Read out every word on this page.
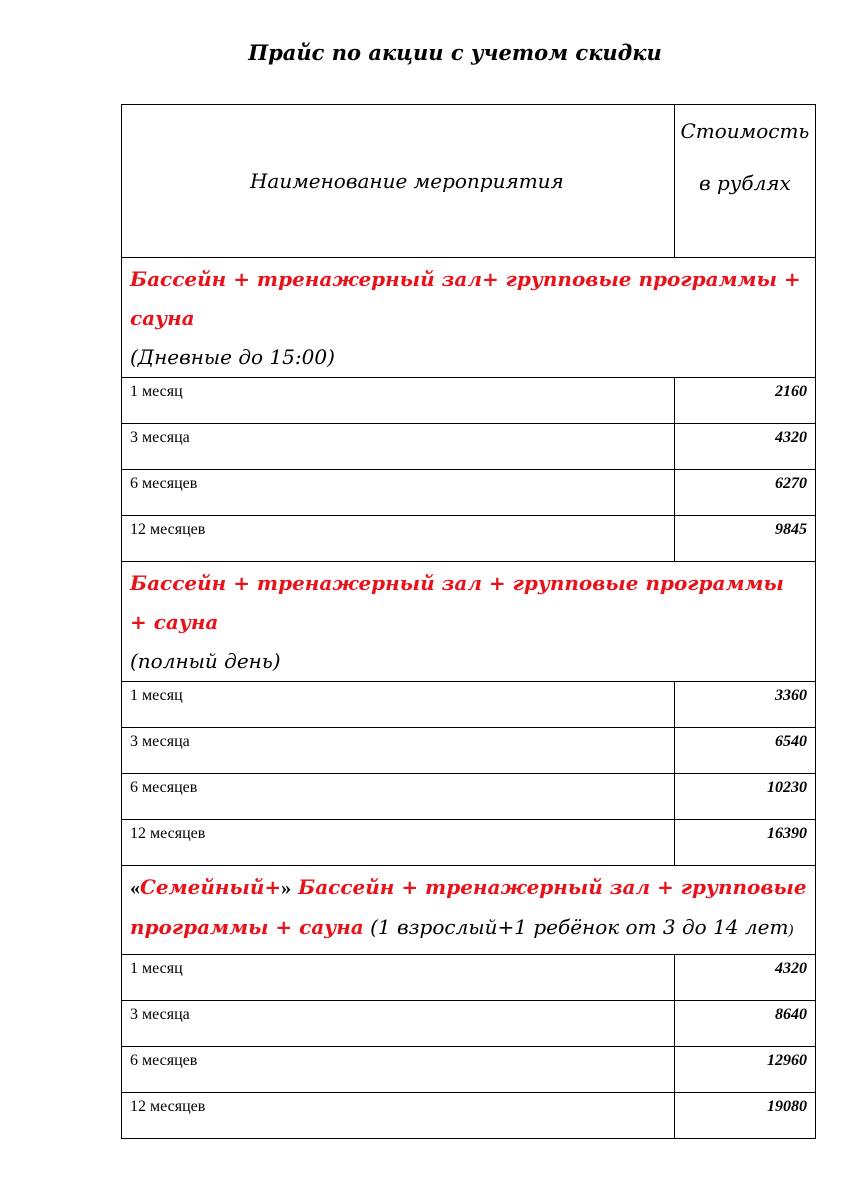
Прайс по акции с учетом скидки
Наименование мероприятия	Стоимость
в рублях

Бассейн + тренажерный зал+ групповые программы + сауна
(Дневные до 15:00)	
1 месяц	2160
3 месяца	4320
6 месяцев	6270
12 месяцев	9845
Бассейн + тренажерный зал + групповые программы + сауна
(полный день)	
1 месяц	3360
3 месяца	6540
6 месяцев	10230
12 месяцев	16390
«Семейный+» Бассейн + тренажерный зал + групповые программы + сауна (1 взрослый+1 ребёнок от 3 до 14 лет)	
1 месяц	4320
3 месяца	8640
6 месяцев	12960
12 месяцев	19080
